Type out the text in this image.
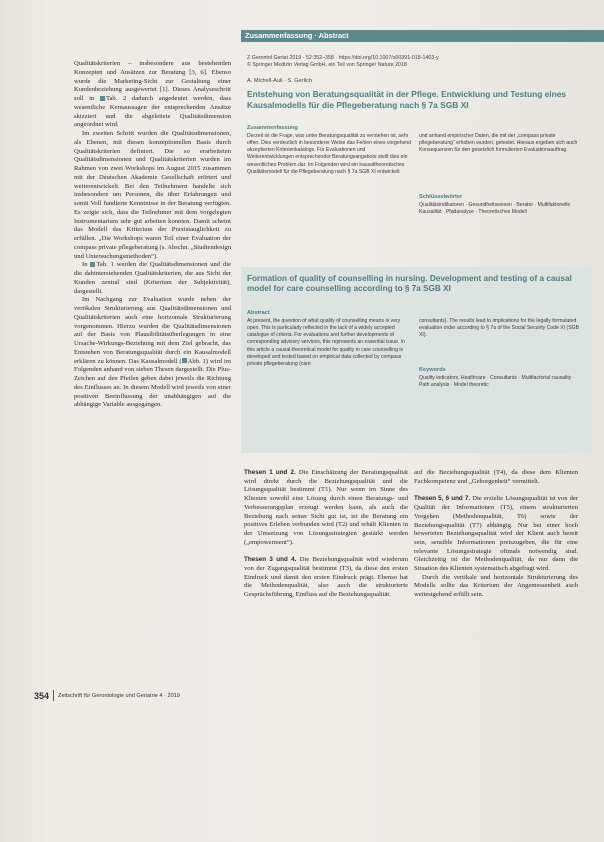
Qualitätskriterien – insbesondere aus bestehenden Konzepten und Ansätzen zur Beratung [3, 6]. Ebenso wurde die Marketing-Sicht zur Gestaltung einer Kundenbeziehung ausgewertet [1]. Dieses Analyseschritt soll in Tab. 2 dadurch angedeutet werden, dass wesentliche Kernaussagen der entsprechenden Ansätze skizziert und die abgeleitete Qualitätsdimension angeordnet wird.

Im zweiten Schritt wurden die Qualitätsdimensionen, als Ebenen, mit diesen konzeptionellen Basis durch Qualitätskriterien definiert. Die so erarbeiteten Qualitätsdimensionen und Qualitätskriterien wurden im Rahmen von zwei Workshops im August 2015 zusammen mit der Deutschen Akademie Gesellschaft erörtert und weiterentwickelt. Bei den Teilnehmern handelte sich insbesondere um Personen, die über Erfahrungen und somit Voll fundierte Kenntnisse in der Beratung verfügten. Es zeigte sich, dass die Teilnehmer mit dem vorgelegten Instrumentarium sehr gut arbeiten konnten. Damit scheint das Modell das Kriterium der Praxistauglichkeit zu erfüllen. „Die Workshops waren Teil einer Evaluation der compass private pflegeberatung (s. Abschn. „Studiendesign und Untersuchungsmethoden“).

In Tab. 1 werden die Qualitätsdimensionen und die die dahinterstehenden Qualitätskriterien, die aus Sicht der Kunden zentral sind (Kriterium der Subjektivität), dargestellt.

Im Nachgang zur Evaluation wurde neben der vertikalen Strukturierung aus Qualitätsdimensionen und Qualitätskriterien auch eine horizontale Strukturierung vorgenommen. Hierzu wurden die Qualitätsdimensionen auf der Basis von Plausibilitätsüberlegungen in eine Ursache-Wirkungs-Beziehung mit dem Ziel gebracht, das Entstehen von Beratungsqualität durch ein Kausalmodell erklären zu können. Das Kausalmodell ( Abb. 1) wird im Folgenden anhand von sieben Thesen dargestellt. Die Plus-Zeichen auf den Pfeilen geben dabei jeweils die Richtung des Einflusses an. In diesem Modell wird jeweils von einer positiven Beeinflussung der unabhängigen auf die abhängige Variable ausgegangen.

Zusammenfassung · Abstract
Z Gerontol Geriat 2019 · 52:352–358 · https://doi.org/10.1007/s00391-018-1403-y
© Springer Medizin Verlag GmbH, ein Teil von Springer Nature 2018
A. Michell-Auli · S. Gerlich
Entstehung von Beratungsqualität in der Pflege. Entwicklung und Testung eines Kausalmodells für die Pflegeberatung nach § 7a SGB XI
Zusammenfassung
Derzeit ist die Frage, was unter Beratungsqualität zu verstehen ist, sehr offen. Dies verdeutlich in besonderer Weise das Fehlen eines vorgehend akzeptierten Kriterienkatalogs. Für Evaluationen und Weiterentwicklungen entsprechender Beratungsangebote stellt dies ein wesentliches Problem dar. Im Folgenden wird ein kausaltheoretisches Qualitätsmodell für die Pflegeberatung nach § 7a SGB XI entwickelt
und anhand empirischer Daten, die mit der „compass private pflegeberatung“ erhoben wurden, getestet. Hieraus ergeben sich auch Konsequenzen für den gesetzlich formulierten Evaluationsauftrag.
Schlüsselwörter
Qualitätsindikatoren · Gesundheitswesen · Berater · Multifaktorielle Kausalität · Pfadanalyse · Theoretisches Modell
Formation of quality of counselling in nursing. Development and testing of a causal model for care counselling according to § 7a SGB XI
Abstract
At present, the question of what quality of counselling means is very open. This is particularly reflected in the lack of a widely accepted catalogue of criteria. For evaluations and further developments of corresponding advisory services, this represents an essential issue. In this article a causal-theoretical model for quality in care counselling is developed and tested based on empirical data collected by compass private pflegeberatung (care
consultants). The results lead to implications for the legally formulated evaluation order according to § 7a of the Social Security Code XI (SGB XI).
Keywords
Quality indicators, Healthcare · Consultants · Multifactorial causality · Path analysis · Model theoretic

Thesen 1 und 2. Die Einschätzung der Beratungsqualität wird direkt durch die Beziehungsqualität und die Lösungsqualität bestimmt (T1). Nur wenn im Sinne des Klienten sowohl eine Lösung durch einen Beratungs- und Verbesserungsplan erzeugt werden kann, als auch die Beziehung nach seiner Sicht gut ist, ist die Beratung ein positives Erleben verbunden wird (T2) und erhält Klienten in der Umsetzung von Lösungsstrategien gestärkt werden („empowerment“).

Thesen 3 und 4. Die Beziehungsqualität wird wiederum von der Zugangsqualität bestimmt (T3), da diese den ersten Eindruck und damit den ersten Eindruck prägt. Ebenso hat die Methodenqualität, also auch die strukturierte Gesprächsführung, Einfluss auf die Beziehungsqualität.

auf die Beziehungsqualität (T4), da diese dem Klienten Fachkompetenz und „Geborgenheit“ vermittelt.

Thesen 5, 6 und 7. Die erzielte Lösungsqualität ist von der Qualität der Informationen (T5), einem strukturierten Vorgehen (Methodenqualität, T6) sowie der Beziehungsqualität (T7) abhängig. Nur bei einer hoch bewerteten Beziehungsqualität wird der Klient auch bereit sein, sensible Informationen preiszugeben, die für eine relevante Lösungsstrategie oftmals notwendig sind. Gleichzeitig ist die Methodenqualität, da nur dann die Situation des Klienten systematisch abgefragt wird.

Durch die vertikale und horizontale Strukturierung des Modells sollte das Kriterium der Angemessenheit auch weitestgehend erfüllt sein.

354 Zeitschrift für Gerontologie und Geriatrie 4 · 2019
